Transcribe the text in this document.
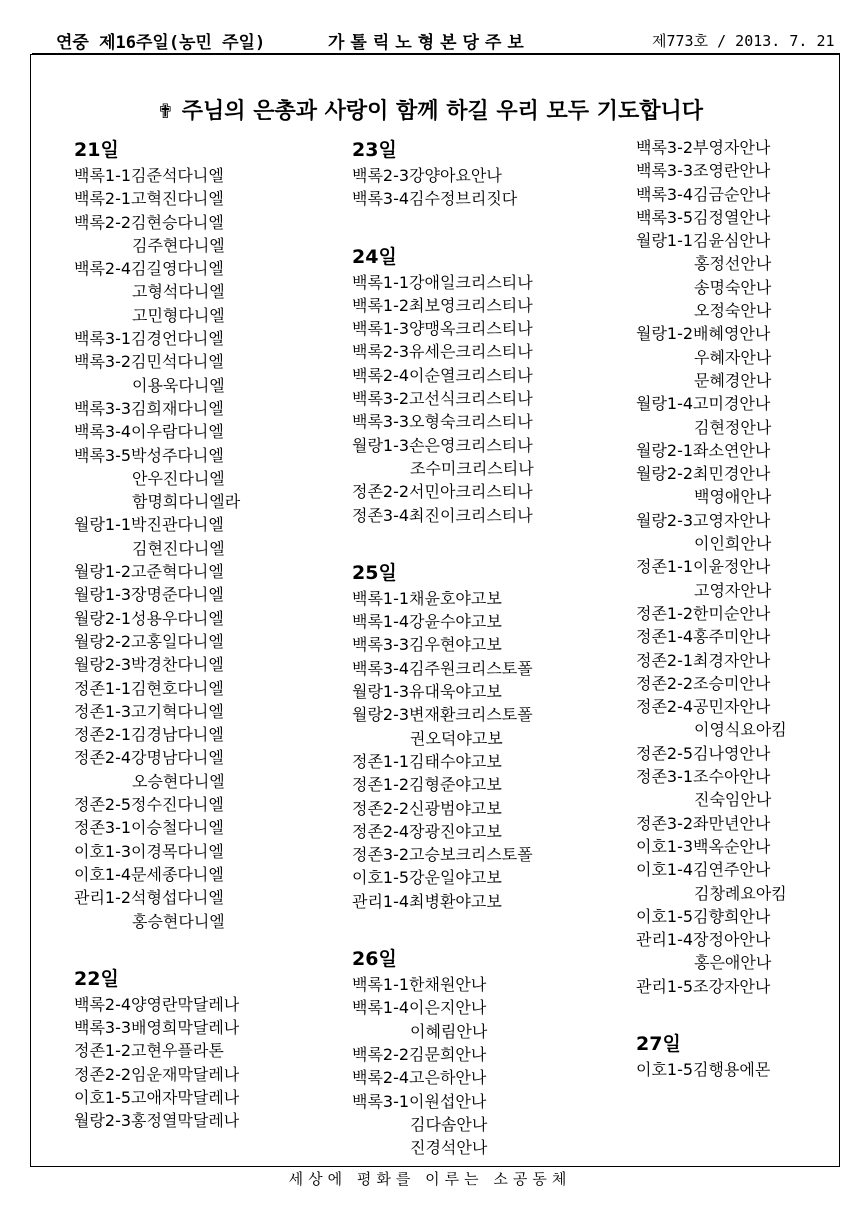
연중 제16주일(농민 주일)	가톨릭노형본당주보	제773호 / 2013. 7. 21
✟ 주님의 은총과 사랑이 함께 하길 우리 모두 기도합니다
21일
백록1-1김준석다니엘
백록2-1고혁진다니엘
백록2-2김현승다니엘
김주현다니엘
백록2-4김길영다니엘
고형석다니엘
고민형다니엘
백록3-1김경언다니엘
백록3-2김민석다니엘
이용욱다니엘
백록3-3김희재다니엘
백록3-4이우람다니엘
백록3-5박성주다니엘
안우진다니엘
함명희다니엘라
월랑1-1박진관다니엘
김현진다니엘
월랑1-2고준혁다니엘
월랑1-3장명준다니엘
월랑2-1성용우다니엘
월랑2-2고홍일다니엘
월랑2-3박경찬다니엘
정존1-1김현호다니엘
정존1-3고기혁다니엘
정존2-1김경남다니엘
정존2-4강명남다니엘
오승현다니엘
정존2-5정수진다니엘
정존3-1이승철다니엘
이호1-3이경목다니엘
이호1-4문세종다니엘
관리1-2석형섭다니엘
홍승현다니엘
22일
백록2-4양영란막달레나
백록3-3배영희막달레나
정존1-2고현우플라톤
정존2-2임운재막달레나
이호1-5고애자막달레나
월랑2-3홍정열막달레나
23일
백록2-3강양아요안나
백록3-4김수정브리짓다
24일
백록1-1강애일크리스티나
백록1-2최보영크리스티나
백록1-3양맹옥크리스티나
백록2-3유세은크리스티나
백록2-4이순열크리스티나
백록3-2고선식크리스티나
백록3-3오형숙크리스티나
월랑1-3손은영크리스티나
조수미크리스티나
정존2-2서민아크리스티나
정존3-4최진이크리스티나
25일
백록1-1채윤호야고보
백록1-4강윤수야고보
백록3-3김우현야고보
백록3-4김주원크리스토폴
월랑1-3유대욱야고보
월랑2-3변재환크리스토폴
권오덕야고보
정존1-1김태수야고보
정존1-2김형준야고보
정존2-2신광범야고보
정존2-4장광진야고보
정존3-2고승보크리스토폴
이호1-5강운일야고보
관리1-4최병환야고보
26일
백록1-1한채원안나
백록1-4이은지안나
이혜림안나
백록2-2김문희안나
백록2-4고은하안나
백록3-1이원섭안나
김다솜안나
진경석안나
백록3-2부영자안나
백록3-3조영란안나
백록3-4김금순안나
백록3-5김정열안나
월랑1-1김윤심안나
홍정선안나
송명숙안나
오정숙안나
월랑1-2배혜영안나
우혜자안나
문혜경안나
월랑1-4고미경안나
김현정안나
월랑2-1좌소연안나
월랑2-2최민경안나
백영애안나
월랑2-3고영자안나
이인희안나
정존1-1이윤정안나
고영자안나
정존1-2한미순안나
정존1-4홍주미안나
정존2-1최경자안나
정존2-2조승미안나
정존2-4공민자안나
이영식요아킴
정존2-5김나영안나
정존3-1조수아안나
진숙임안나
정존3-2좌만년안나
이호1-3백옥순안나
이호1-4김연주안나
김창례요아킴
이호1-5김향희안나
관리1-4장정아안나
홍은애안나
관리1-5조강자안나
27일
이호1-5김행용에몬
세상에 평화를 이루는 소공동체
